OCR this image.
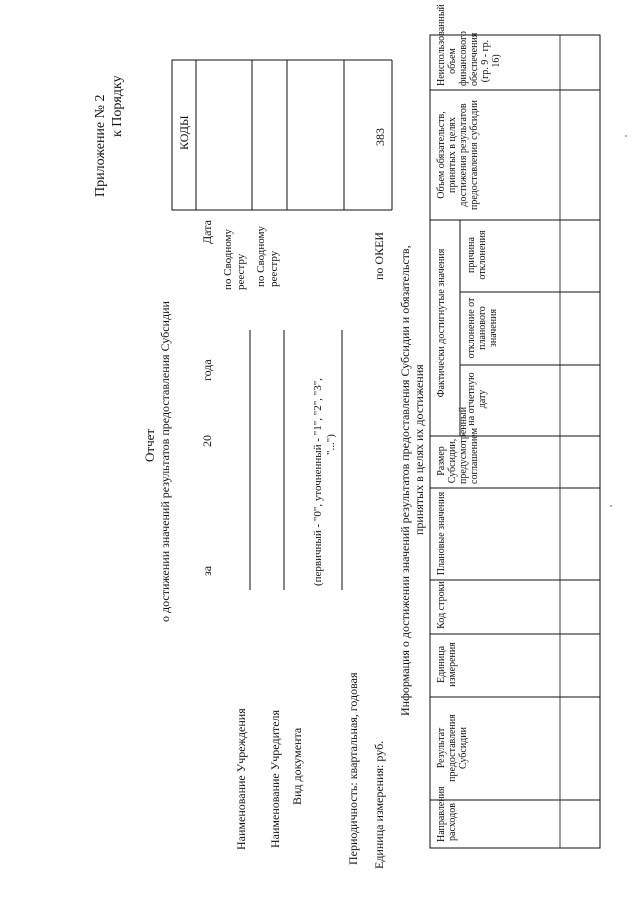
Приложение № 2 к Порядку
Отчет о достижении значений результатов предоставления Субсидии за
20
года
КОДЫ
Дата по Сводному реестру по Сводному реестру	по ОКЕИ
383
Наименование Учреждения Наименование Учредителя Вид документа
(первичный - "0", уточненный - "1", "2", "3", "...")
Периодичность: квартальная, годовая Единица измерения: руб.
Информация о достижении значений результатов предоставления Субсидии и обязательств, принятых в целях их достижения
Направления расходов
Результат предоставления Субсидии
Единица измерения
Код строки
Плановые значения
Размер Субсидии, предусмотренный соглашением
Фактически достигнутые значения
на отчетную дату
отклонение от планового значения
причина отклонения
Объем обязательств, принятых в целях достижения результатов предоставления субсидии
Неиспользованный объем финансового обеспечения (гр. 9 - гр. 16)
